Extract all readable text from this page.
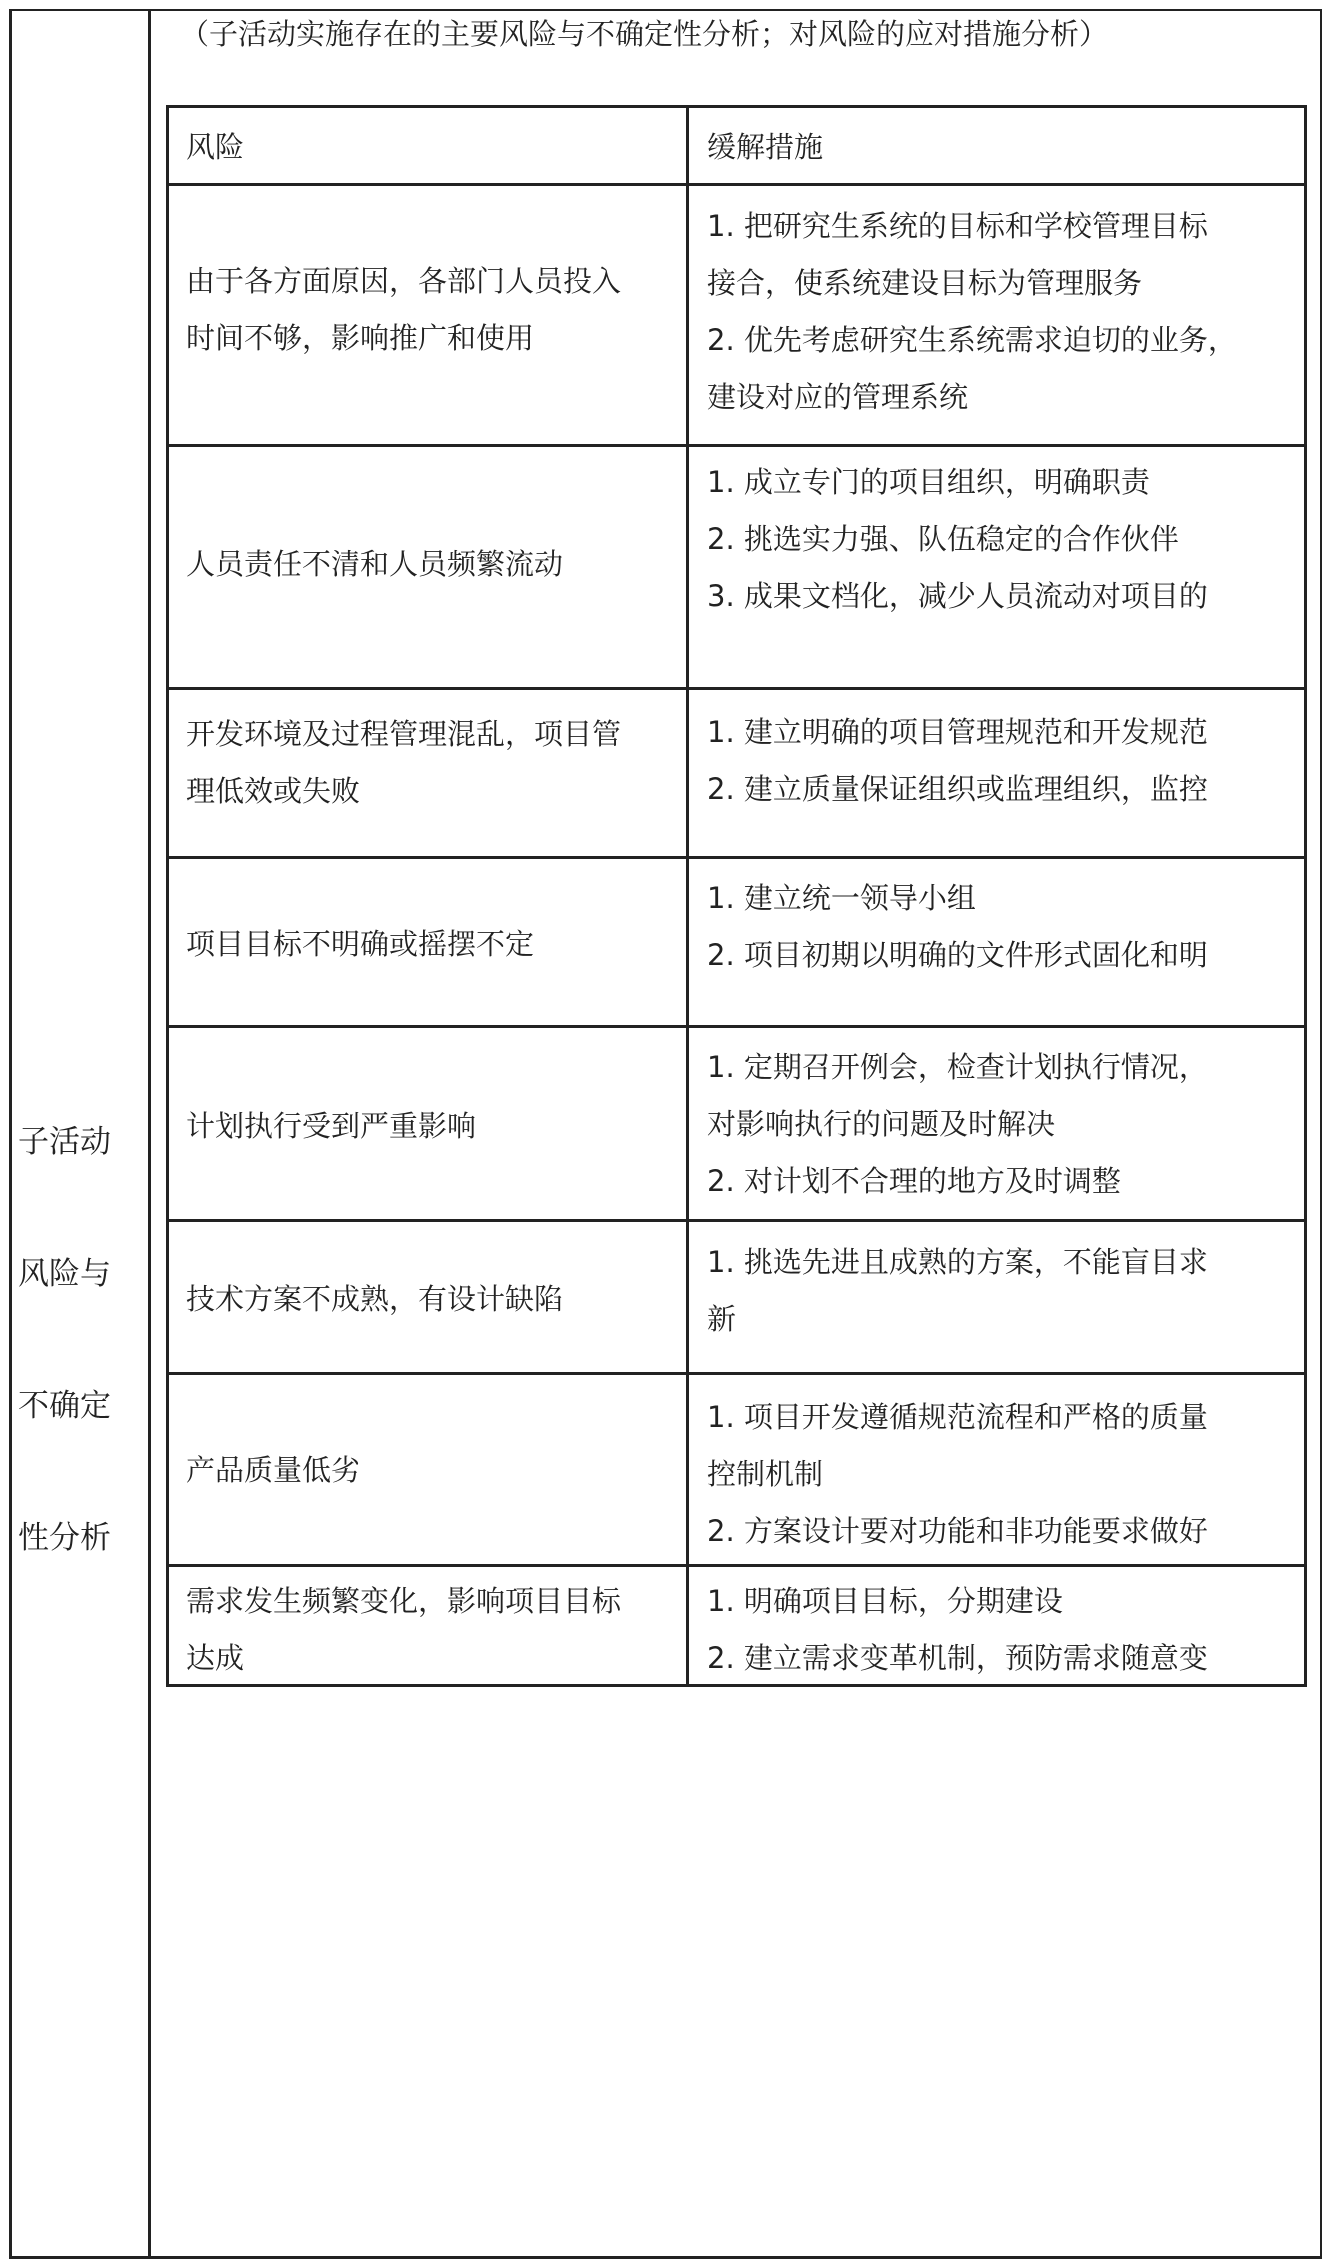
子活动

风险与

不确定

性分析

（子活动实施存在的主要风险与不确定性分析；对风险的应对措施分析）
风险	缓解措施
由于各方面原因，各部门人员投入
时间不够，影响推广和使用
1. 把研究生系统的目标和学校管理目标
接合，使系统建设目标为管理服务
2. 优先考虑研究生系统需求迫切的业务，
建设对应的管理系统
人员责任不清和人员频繁流动
1. 成立专门的项目组织，明确职责
2. 挑选实力强、队伍稳定的合作伙伴
3. 成果文档化，减少人员流动对项目的
开发环境及过程管理混乱，项目管
理低效或失败
1. 建立明确的项目管理规范和开发规范
2. 建立质量保证组织或监理组织，监控
项目目标不明确或摇摆不定
1. 建立统一领导小组
2. 项目初期以明确的文件形式固化和明
计划执行受到严重影响
1. 定期召开例会，检查计划执行情况，
对影响执行的问题及时解决
2. 对计划不合理的地方及时调整
技术方案不成熟，有设计缺陷
1. 挑选先进且成熟的方案，不能盲目求
新
产品质量低劣
1. 项目开发遵循规范流程和严格的质量
控制机制
2. 方案设计要对功能和非功能要求做好
需求发生频繁变化，影响项目目标
达成
1. 明确项目目标，分期建设
2. 建立需求变革机制，预防需求随意变
